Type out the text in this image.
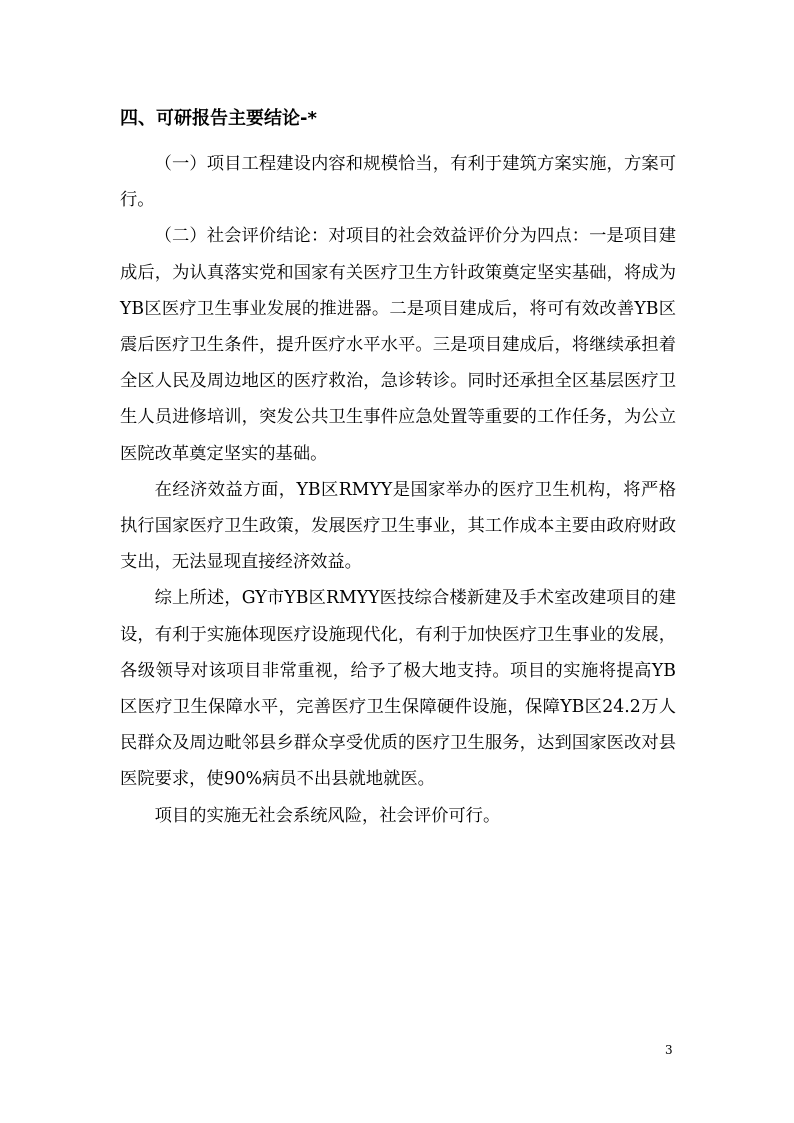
四、可研报告主要结论-*

（一）项目工程建设内容和规模恰当，有利于建筑方案实施，方案可行。

（二）社会评价结论：对项目的社会效益评价分为四点：一是项目建成后，为认真落实党和国家有关医疗卫生方针政策奠定坚实基础，将成为YB区医疗卫生事业发展的推进器。二是项目建成后，将可有效改善YB区震后医疗卫生条件，提升医疗水平水平。三是项目建成后，将继续承担着全区人民及周边地区的医疗救治，急诊转诊。同时还承担全区基层医疗卫生人员进修培训，突发公共卫生事件应急处置等重要的工作任务，为公立医院改革奠定坚实的基础。

在经济效益方面，YB区RMYY是国家举办的医疗卫生机构，将严格执行国家医疗卫生政策，发展医疗卫生事业，其工作成本主要由政府财政支出，无法显现直接经济效益。

综上所述，GY市YB区RMYY医技综合楼新建及手术室改建项目的建设，有利于实施体现医疗设施现代化，有利于加快医疗卫生事业的发展，各级领导对该项目非常重视，给予了极大地支持。项目的实施将提高YB区医疗卫生保障水平，完善医疗卫生保障硬件设施，保障YB区24.2万人民群众及周边毗邻县乡群众享受优质的医疗卫生服务，达到国家医改对县医院要求，使90%病员不出县就地就医。

项目的实施无社会系统风险，社会评价可行。

3
